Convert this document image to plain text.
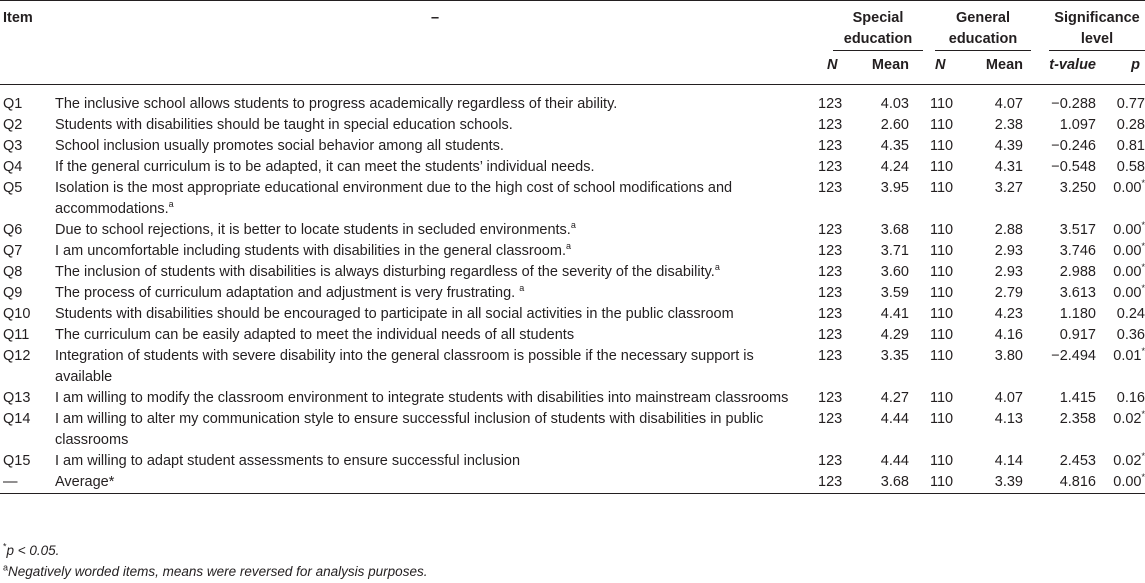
Item	–	Special education		General education		Significance level	

		N	Mean	N	Mean	t-value	p
Q1	The inclusive school allows students to progress academically regardless of their ability.	123	4.03	110	4.07	−0.288	0.77
Q2	Students with disabilities should be taught in special education schools.	123	2.60	110	2.38	1.097	0.28
Q3	School inclusion usually promotes social behavior among all students.	123	4.35	110	4.39	−0.246	0.81
Q4	If the general curriculum is to be adapted, it can meet the students’ individual needs.	123	4.24	110	4.31	−0.548	0.58
Q5	Isolation is the most appropriate educational environment due to the high cost of school modifications and accommodations.$^a$	123	3.95	110	3.27	3.250	0.00*
Q6	Due to school rejections, it is better to locate students in secluded environments.$^a$	123	3.68	110	2.88	3.517	0.00*
Q7	I am uncomfortable including students with disabilities in the general classroom.$^a$	123	3.71	110	2.93	3.746	0.00*
Q8	The inclusion of students with disabilities is always disturbing regardless of the severity of the disability.$^a$	123	3.60	110	2.93	2.988	0.00*
Q9	The process of curriculum adaptation and adjustment is very frustrating. $^a$	123	3.59	110	2.79	3.613	0.00*
Q10	Students with disabilities should be encouraged to participate in all social activities in the public classroom	123	4.41	110	4.23	1.180	0.24
Q11	The curriculum can be easily adapted to meet the individual needs of all students	123	4.29	110	4.16	0.917	0.36
Q12	Integration of students with severe disability into the general classroom is possible if the necessary support is available	123	3.35	110	3.80	−2.494	0.01*
Q13	I am willing to modify the classroom environment to integrate students with disabilities into mainstream classrooms	123	4.27	110	4.07	1.415	0.16
Q14	I am willing to alter my communication style to ensure successful inclusion of students with disabilities in public classrooms	123	4.44	110	4.13	2.358	0.02*
Q15	I am willing to adapt student assessments to ensure successful inclusion	123	4.44	110	4.14	2.453	0.02*
—	Average*	123	3.68	110	3.39	4.816	0.00*
*p < 0.05.
$^a$Negatively worded items, means were reversed for analysis purposes.
